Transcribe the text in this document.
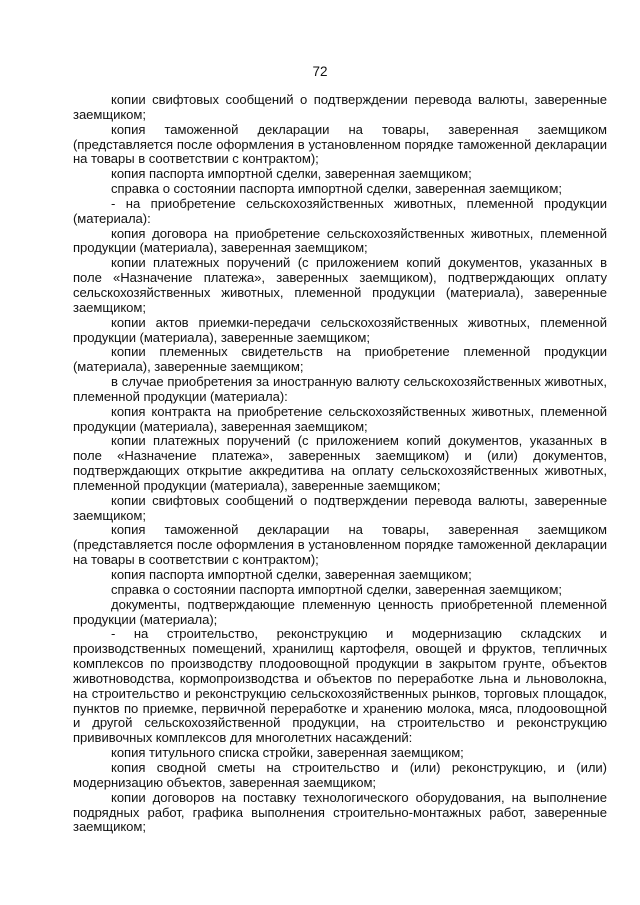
72

копии свифтовых сообщений о подтверждении перевода валюты, заверенные заемщиком;

копия таможенной декларации на товары, заверенная заемщиком (представляется после оформления в установленном порядке таможенной декларации на товары в соответствии с контрактом);

копия паспорта импортной сделки, заверенная заемщиком;

справка о состоянии паспорта импортной сделки, заверенная заемщиком;

- на приобретение сельскохозяйственных животных, племенной продукции (материала):

копия договора на приобретение сельскохозяйственных животных, племенной продукции (материала), заверенная заемщиком;

копии платежных поручений (с приложением копий документов, указанных в поле «Назначение платежа», заверенных заемщиком), подтверждающих оплату сельскохозяйственных животных, племенной продукции (материала), заверенные заемщиком;

копии актов приемки-передачи сельскохозяйственных животных, племенной продукции (материала), заверенные заемщиком;

копии племенных свидетельств на приобретение племенной продукции (материала), заверенные заемщиком;

в случае приобретения за иностранную валюту сельскохозяйственных животных, племенной продукции (материала):

копия контракта на приобретение сельскохозяйственных животных, племенной продукции (материала), заверенная заемщиком;

копии платежных поручений (с приложением копий документов, указанных в поле «Назначение платежа», заверенных заемщиком) и (или) документов, подтверждающих открытие аккредитива на оплату сельскохозяйственных животных, племенной продукции (материала), заверенные заемщиком;

копии свифтовых сообщений о подтверждении перевода валюты, заверенные заемщиком;

копия таможенной декларации на товары, заверенная заемщиком (представляется после оформления в установленном порядке таможенной декларации на товары в соответствии с контрактом);

копия паспорта импортной сделки, заверенная заемщиком;

справка о состоянии паспорта импортной сделки, заверенная заемщиком;

документы, подтверждающие племенную ценность приобретенной племенной продукции (материала);

- на строительство, реконструкцию и модернизацию складских и производственных помещений, хранилищ картофеля, овощей и фруктов, тепличных комплексов по производству плодоовощной продукции в закрытом грунте, объектов животноводства, кормопроизводства и объектов по переработке льна и льноволокна, на строительство и реконструкцию сельскохозяйственных рынков, торговых площадок, пунктов по приемке, первичной переработке и хранению молока, мяса, плодоовощной и другой сельскохозяйственной продукции, на строительство и реконструкцию прививочных комплексов для многолетних насаждений:

копия титульного списка стройки, заверенная заемщиком;

копия сводной сметы на строительство и (или) реконструкцию, и (или) модернизацию объектов, заверенная заемщиком;

копии договоров на поставку технологического оборудования, на выполнение подрядных работ, графика выполнения строительно-монтажных работ, заверенные заемщиком;
